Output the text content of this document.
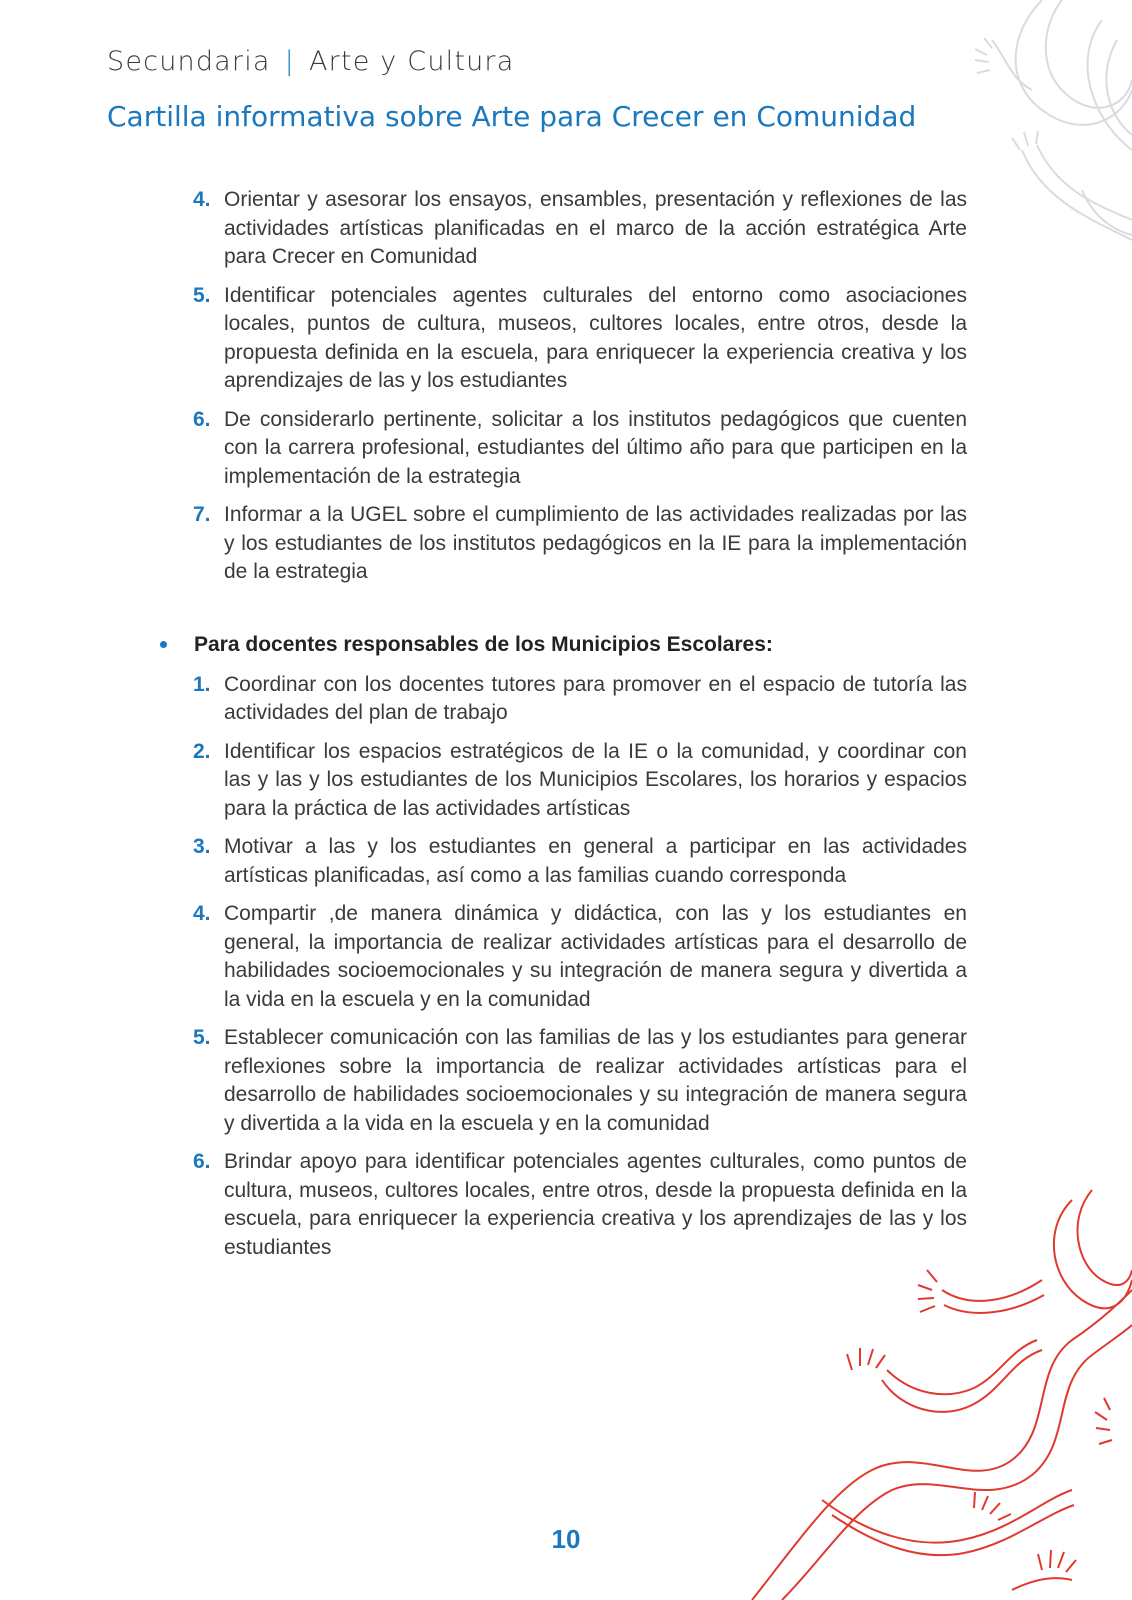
Secundaria | Arte y Cultura
Cartilla informativa sobre Arte para Crecer en Comunidad
4. Orientar y asesorar los ensayos, ensambles, presentación y reflexiones de las actividades artísticas planificadas en el marco de la acción estratégica Arte para Crecer en Comunidad
5. Identificar potenciales agentes culturales del entorno como asociaciones locales, puntos de cultura, museos, cultores locales, entre otros, desde la propuesta definida en la escuela, para enriquecer la experiencia creativa y los aprendizajes de las y los estudiantes
6. De considerarlo pertinente, solicitar a los institutos pedagógicos que cuenten con la carrera profesional, estudiantes del último año para que participen en la implementación de la estrategia
7. Informar a la UGEL sobre el cumplimiento de las actividades realizadas por las y los estudiantes de los institutos pedagógicos en la IE para la implementación de la estrategia
Para docentes responsables de los Municipios Escolares:
1. Coordinar con los docentes tutores para promover en el espacio de tutoría las actividades del plan de trabajo
2. Identificar los espacios estratégicos de la IE o la comunidad, y coordinar con las y las y los estudiantes de los Municipios Escolares, los horarios y espacios para la práctica de las actividades artísticas
3. Motivar a las y los estudiantes en general a participar en las actividades artísticas planificadas, así como a las familias cuando corresponda
4. Compartir ,de manera dinámica y didáctica, con las y los estudiantes en general, la importancia de realizar actividades artísticas para el desarrollo de habilidades socioemocionales y su integración de manera segura y divertida a la vida en la escuela y en la comunidad
5. Establecer comunicación con las familias de las y los estudiantes para generar reflexiones sobre la importancia de realizar actividades artísticas para el desarrollo de habilidades socioemocionales y su integración de manera segura y divertida a la vida en la escuela y en la comunidad
6. Brindar apoyo para identificar potenciales agentes culturales, como puntos de cultura, museos, cultores locales, entre otros, desde la propuesta definida en la escuela, para enriquecer la experiencia creativa y los aprendizajes de las y los estudiantes
10
